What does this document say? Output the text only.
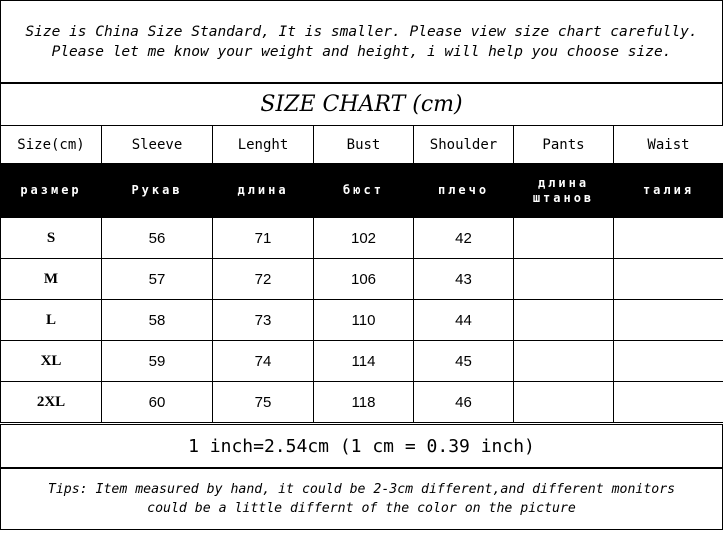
Size is China Size Standard, It is smaller. Please view size chart carefully.
Please let me know your weight and height, i will help you choose size.
SIZE CHART (cm)
Size(cm)	Sleeve	Lenght	Bust	Shoulder	Pants	Waist
размер	Рукав	длина	бюст	плечо	длина штанов	талия
S	56	71	102	42		
M	57	72	106	43		
L	58	73	110	44		
XL	59	74	114	45		
2XL	60	75	118	46		
1 inch=2.54cm (1 cm = 0.39 inch)
Tips: Item measured by hand, it could be 2-3cm different,and different monitors
could be a little differnt of the color on the picture
